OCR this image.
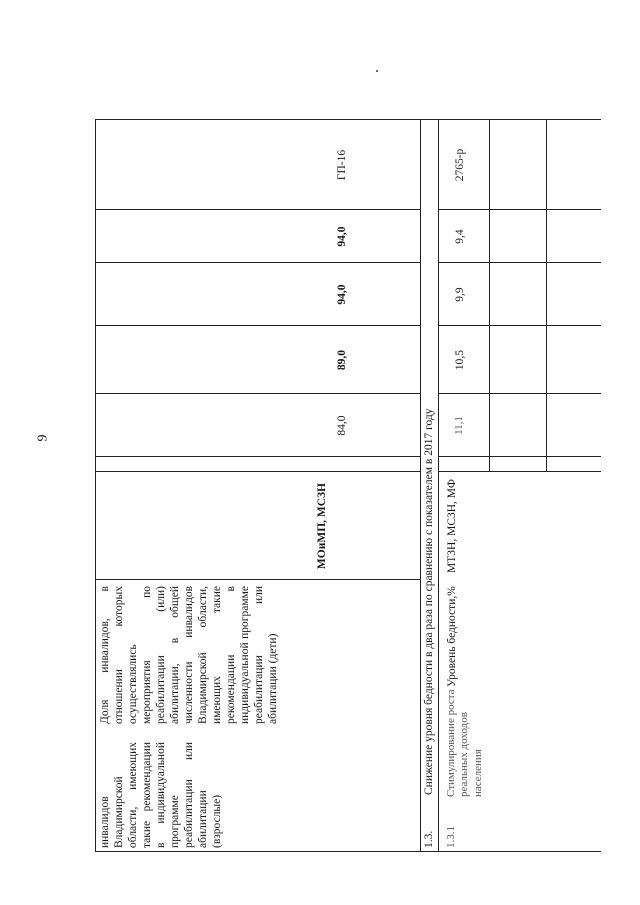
9
инвалидов Владимирской области, имеющих такие рекомендации в индивидуальной программе реабилитации или абилитации (взрослые)
Доля инвалидов, в отношении которых осуществлялись мероприятия по реабилитации (или) абилитации, в общей численности инвалидов Владимирской области, имеющих такие рекомендации в индивидуальной программе реабилитации или абилитации (дети)
МОиМП, МСЗН
84,0
89,0
94,0
94,0
ГП-16
1.3.
Снижение уровня бедности в два раза по сравнению с показателем в 2017 году
1.3.1
Стимулирование роста реальных доходов населения
Уровень бедности,%
МТЗН, МСЗН, МФ
11,1
10,5
9,9
9,4
2765-р
